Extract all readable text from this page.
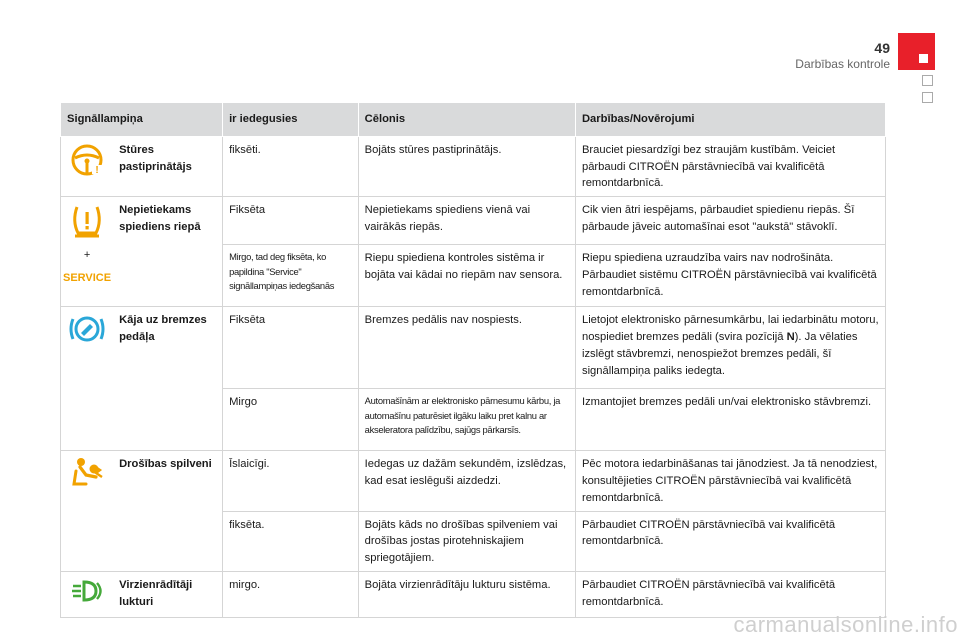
49
Darbības kontrole
Signāllampiņa		ir iedegusies	Cēlonis	Darbības/Novērojumi

!	Stūres pastiprinātājs	fiksēti.	Bojāts stūres pastiprinātājs.	Brauciet piesardzīgi bez straujām kustībām. Veiciet pārbaudi CITROËN pārstāvniecībā vai kvalificētā remontdarbnīcā.

+
SERVICE	Nepietiekams spiediens riepā	Fiksēta	Nepietiekams spiediens vienā vai vairākās riepās.	Cik vien ātri iespējams, pārbaudiet spiedienu riepās. Šī pārbaude jāveic automašīnai esot "aukstā" stāvoklī.
		Mirgo, tad deg fiksēta, ko papildina "Service" signāllampiņas iedegšanās	Riepu spiediena kontroles sistēma ir bojāta vai kādai no riepām nav sensora.	Riepu spiediena uzraudzība vairs nav nodrošināta. Pārbaudiet sistēmu CITROËN pārstāvniecībā vai kvalificētā remontdarbnīcā.

	Kāja uz bremzes pedāļa	Fiksēta	Bremzes pedālis nav nospiests.	Lietojot elektronisko pārnesumkārbu, lai iedarbinātu motoru, nospiediet bremzes pedāli (svira pozīcijā N). Ja vēlaties izslēgt stāvbremzi, nenospiežot bremzes pedāli, šī signāllampiņa paliks iedegta.
		Mirgo	Automašīnām ar elektronisko pārnesumu kārbu, ja automašīnu paturēsiet ilgāku laiku pret kalnu ar akseleratora palīdzību, sajūgs pārkarsīs.	Izmantojiet bremzes pedāli un/vai elektronisko stāvbremzi.

	Drošības spilveni	Īslaicīgi.	Iedegas uz dažām sekundēm, izslēdzas, kad esat ieslēguši aizdedzi.	Pēc motora iedarbināšanas tai jānodziest. Ja tā nenodziest, konsultējieties CITROËN pārstāvniecībā vai kvalificētā remontdarbnīcā.
		fiksēta.	Bojāts kāds no drošības spilveniem vai drošības jostas pirotehniskajiem spriegotājiem.	Pārbaudiet CITROËN pārstāvniecībā vai kvalificētā remontdarbnīcā.

	Virzienrādītāji lukturi	mirgo.	Bojāta virzienrādītāju lukturu sistēma.	Pārbaudiet CITROËN pārstāvniecībā vai kvalificētā remontdarbnīcā.
carmanualsonline.info
